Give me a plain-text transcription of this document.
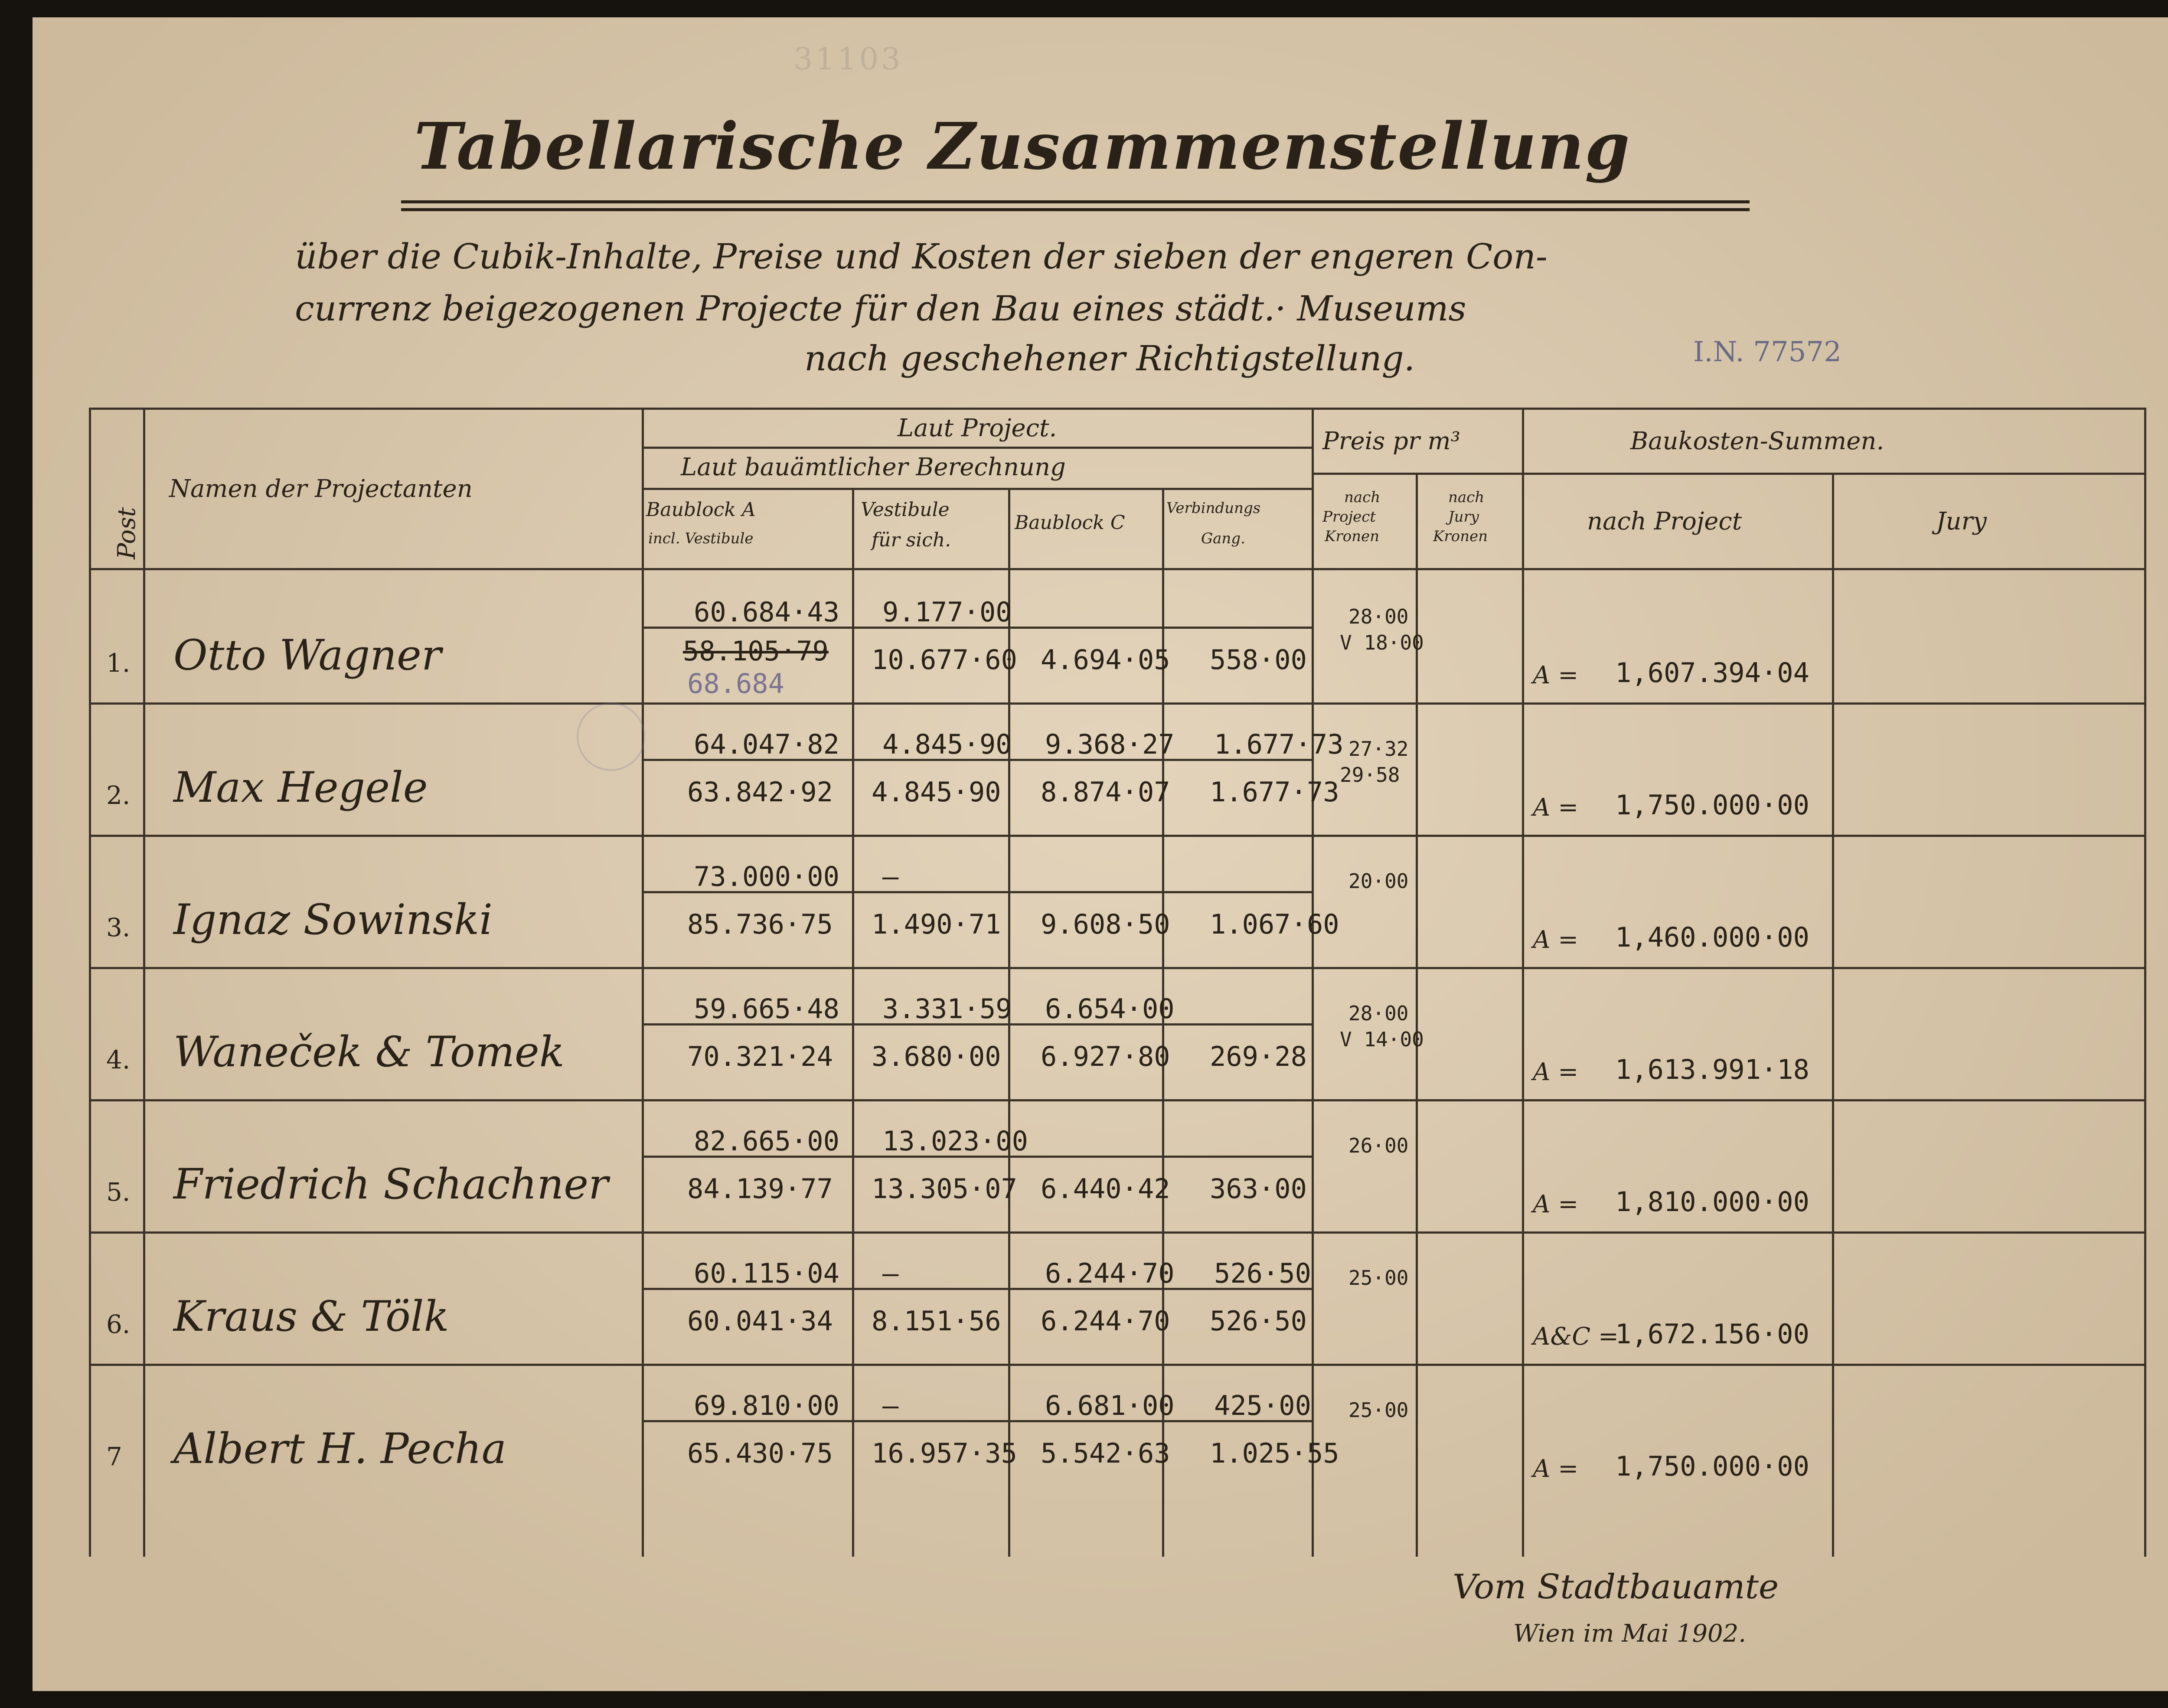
31103
Tabellarische Zusammenstellung
über die Cubik-Inhalte, Preise und Kosten der sieben der engeren Con-
currenz beigezogenen Projecte für den Bau eines städt.· Museums
nach geschehener Richtigstellung.	I.N. 77572
Post
Namen der Projectanten
Laut Project.
Laut bauämtlicher Berechnung
Baublock A
incl. Vestibule
Vestibule
für sich.
Baublock C
Verbindungs
Gang.
Preis pr m³
nach
Project
Kronen
nach
Jury
Kronen
Baukosten-Summen.
nach Project	Jury
1. Otto Wagner
60.684·43
58.105·79
68.684
9.177·00
10.677·60 4.694·05 558·00
28·00
V 18·00
A = 1,607.394·04
2. Max Hegele
64.047·82
63.842·92
4.845·90
4.845·90
9.368·27
8.874·07
1.677·73
1.677·73
27·32
29·58
A = 1,750.000·00
3. Ignaz Sowinski
73.000·00
85.736·75
—
1.490·71 9.608·50 1.067·60
20·00
A = 1,460.000·00
4. Waneček & Tomek
59.665·48
70.321·24
3.331·59
3.680·00
6.654·00
6.927·80 269·28
28·00
V 14·00
A = 1,613.991·18
5. Friedrich Schachner
82.665·00
84.139·77
13.023·00
13.305·07 6.440·42 363·00
26·00
A = 1,810.000·00
6. Kraus & Tölk
60.115·04
60.041·34
—
8.151·56
6.244·70
6.244·70
526·50
526·50
25·00
A&C =
1,672.156·00
7 Albert H. Pecha
69.810·00
65.430·75
—
16.957·35
6.681·00
5.542·63
425·00
1.025·55
25·00
A = 1,750.000·00
Vom Stadtbauamte
Wien im Mai 1902.
